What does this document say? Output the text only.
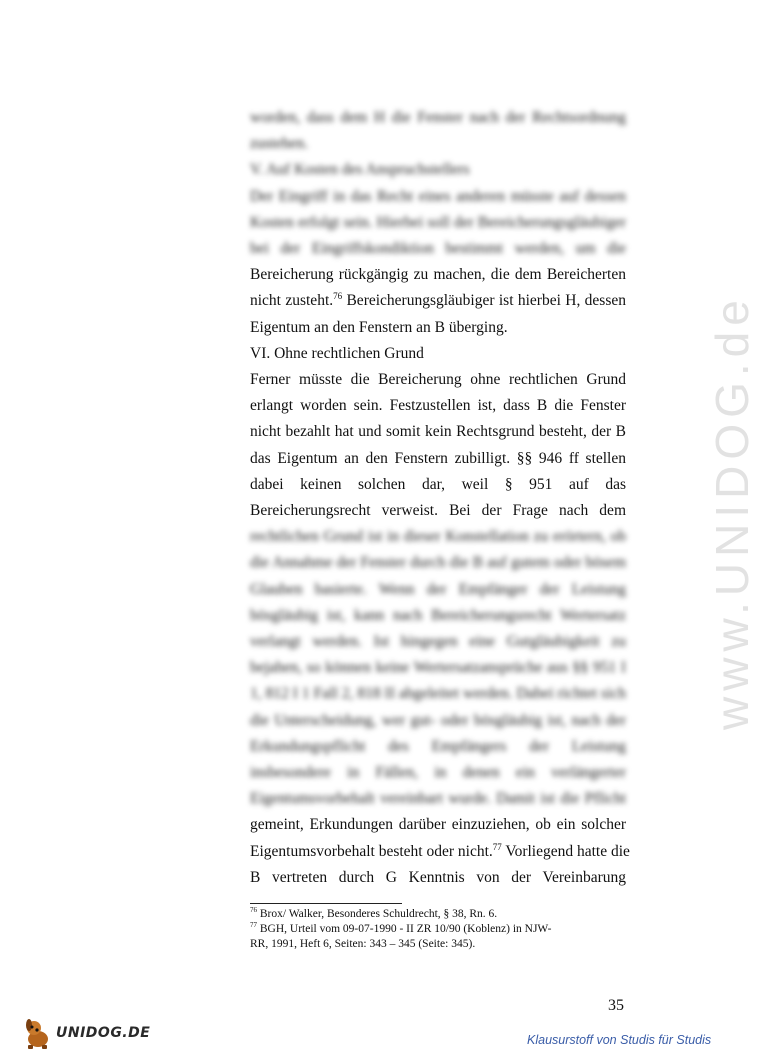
www.UNIDOG.de
worden, dass dem H die Fenster nach der Rechtsordnung
zustehen.
V. Auf Kosten des Anspruchstellers
Der Eingriff in das Recht eines anderen müsste auf dessen
Kosten erfolgt sein. Hierbei soll der Bereicherungsgläubiger
bei der Eingriffskondiktion bestimmt werden, um die
Bereicherung rückgängig zu machen, die dem Bereicherten
nicht zusteht.$^{76}$ Bereicherungsgläubiger ist hierbei H, dessen
Eigentum an den Fenstern an B überging.
VI. Ohne rechtlichen Grund
Ferner müsste die Bereicherung ohne rechtlichen Grund
erlangt worden sein. Festzustellen ist, dass B die Fenster
nicht bezahlt hat und somit kein Rechtsgrund besteht, der B
das Eigentum an den Fenstern zubilligt. §§ 946 ff stellen
dabei keinen solchen dar, weil § 951 auf das
Bereicherungsrecht verweist. Bei der Frage nach dem
rechtlichen Grund ist in dieser Konstellation zu erörtern, ob
die Annahme der Fenster durch die B auf gutem oder bösem
Glauben basierte. Wenn der Empfänger der Leistung
bösgläubig ist, kann nach Bereicherungsrecht Wertersatz
verlangt werden. Ist hingegen eine Gutgläubigkeit zu
bejahen, so können keine Wertersatzansprüche aus §§ 951 I
1, 812 I 1 Fall 2, 818 II abgeleitet werden. Dabei richtet sich
die Unterscheidung, wer gut- oder bösgläubig ist, nach der
Erkundungspflicht des Empfängers der Leistung
insbesondere in Fällen, in denen ein verlängerter
Eigentumsvorbehalt vereinbart wurde. Damit ist die Pflicht
gemeint, Erkundungen darüber einzuziehen, ob ein solcher
Eigentumsvorbehalt besteht oder nicht.$^{77}$ Vorliegend hatte die
B vertreten durch G Kenntnis von der Vereinbarung
$^{76}$ Brox/ Walker, Besonderes Schuldrecht, § 38, Rn. 6.
$^{77}$ BGH, Urteil vom 09-07-1990 - II ZR 10/90 (Koblenz) in NJW-
RR, 1991, Heft 6, Seiten: 343 – 345 (Seite: 345).
35
UNIDOG.DE	Klausurstoff von Studis für Studis
